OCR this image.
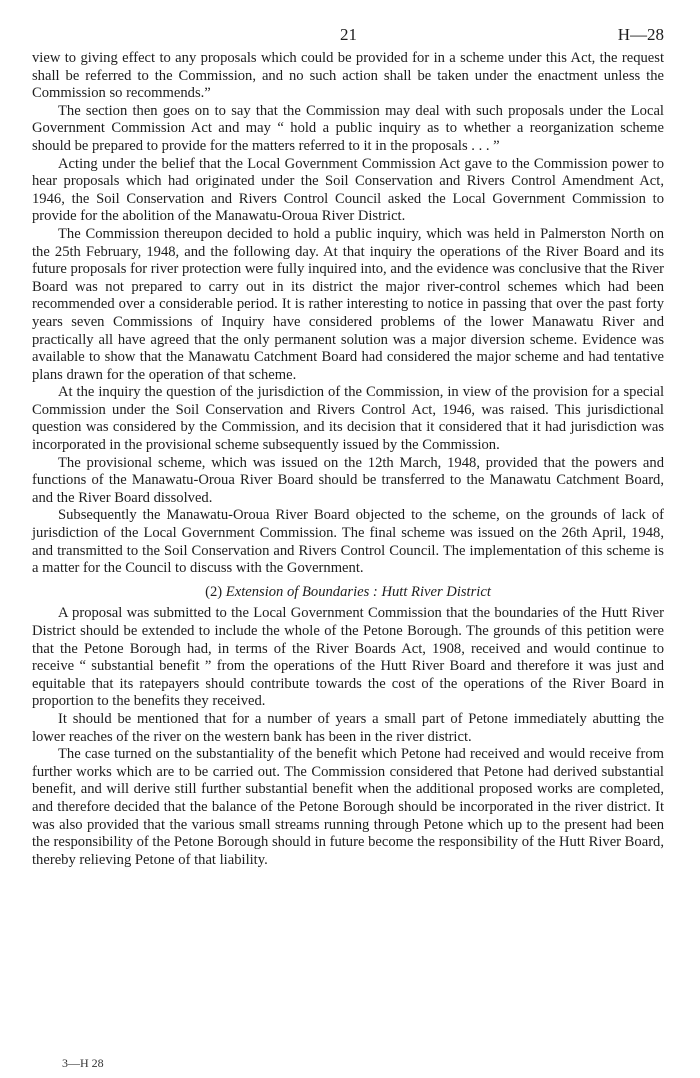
21	H—28

view to giving effect to any proposals which could be provided for in a scheme under this Act, the request shall be referred to the Commission, and no such action shall be taken under the enactment unless the Commission so recommends.”

The section then goes on to say that the Commission may deal with such proposals under the Local Government Commission Act and may “ hold a public inquiry as to whether a reorganization scheme should be prepared to provide for the matters referred to it in the proposals . . . ”

Acting under the belief that the Local Government Commission Act gave to the Commission power to hear proposals which had originated under the Soil Conservation and Rivers Control Amendment Act, 1946, the Soil Conservation and Rivers Control Council asked the Local Government Commission to provide for the abolition of the Manawatu-Oroua River District.

The Commission thereupon decided to hold a public inquiry, which was held in Palmerston North on the 25th February, 1948, and the following day. At that inquiry the operations of the River Board and its future proposals for river protection were fully inquired into, and the evidence was conclusive that the River Board was not prepared to carry out in its district the major river-control schemes which had been recommended over a considerable period. It is rather interesting to notice in passing that over the past forty years seven Commissions of Inquiry have considered problems of the lower Manawatu River and practically all have agreed that the only permanent solution was a major diversion scheme. Evidence was available to show that the Manawatu Catchment Board had considered the major scheme and had tentative plans drawn for the operation of that scheme.

At the inquiry the question of the jurisdiction of the Commission, in view of the provision for a special Commission under the Soil Conservation and Rivers Control Act, 1946, was raised. This jurisdictional question was considered by the Commission, and its decision that it considered that it had jurisdiction was incorporated in the provisional scheme subsequently issued by the Commission.

The provisional scheme, which was issued on the 12th March, 1948, provided that the powers and functions of the Manawatu-Oroua River Board should be transferred to the Manawatu Catchment Board, and the River Board dissolved.

Subsequently the Manawatu-Oroua River Board objected to the scheme, on the grounds of lack of jurisdiction of the Local Government Commission. The final scheme was issued on the 26th April, 1948, and transmitted to the Soil Conservation and Rivers Control Council. The implementation of this scheme is a matter for the Council to discuss with the Government.

(2) Extension of Boundaries : Hutt River District

A proposal was submitted to the Local Government Commission that the boundaries of the Hutt River District should be extended to include the whole of the Petone Borough. The grounds of this petition were that the Petone Borough had, in terms of the River Boards Act, 1908, received and would continue to receive “ substantial benefit ” from the operations of the Hutt River Board and therefore it was just and equitable that its ratepayers should contribute towards the cost of the operations of the River Board in proportion to the benefits they received.

It should be mentioned that for a number of years a small part of Petone immediately abutting the lower reaches of the river on the western bank has been in the river district.

The case turned on the substantiality of the benefit which Petone had received and would receive from further works which are to be carried out. The Commission considered that Petone had derived substantial benefit, and will derive still further substantial benefit when the additional proposed works are completed, and therefore decided that the balance of the Petone Borough should be incorporated in the river district. It was also provided that the various small streams running through Petone which up to the present had been the responsibility of the Petone Borough should in future become the responsibility of the Hutt River Board, thereby relieving Petone of that liability.

3—H 28
